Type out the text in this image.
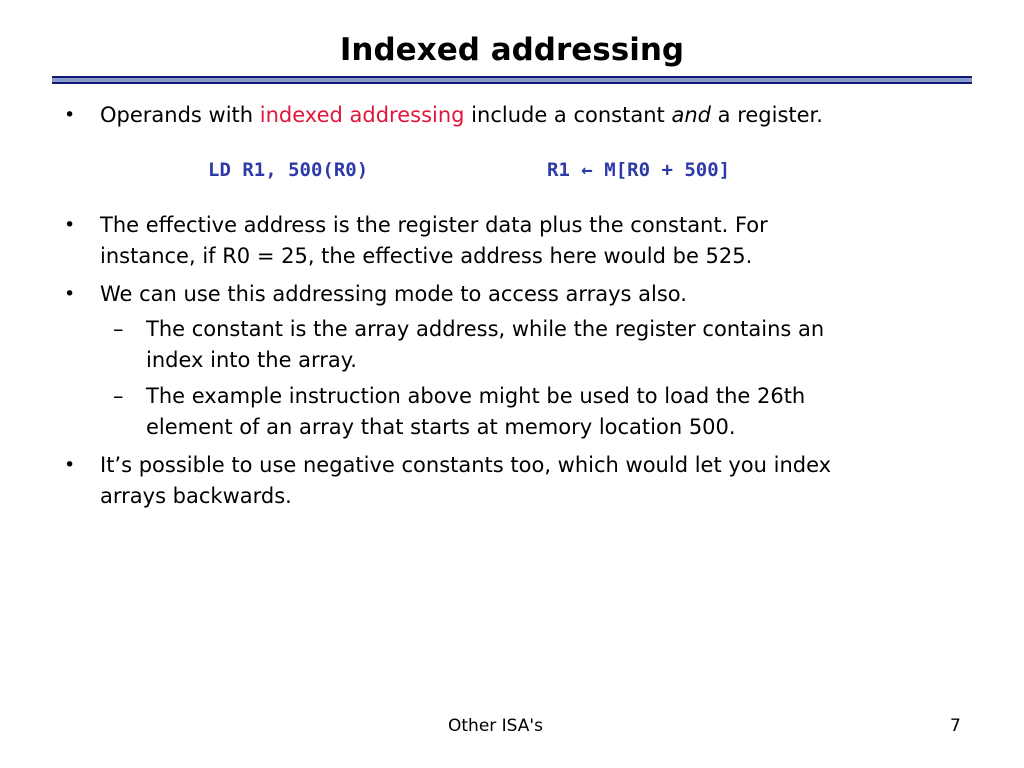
Indexed addressing
• Operands with indexed addressing include a constant and a register.
LD R1, 500(R0)	R1 ← M[R0 + 500]
• The effective address is the register data plus the constant. For
instance, if R0 = 25, the effective address here would be 525.
• We can use this addressing mode to access arrays also.
– The constant is the array address, while the register contains an
index into the array.
– The example instruction above might be used to load the 26th
element of an array that starts at memory location 500.
• It’s possible to use negative constants too, which would let you index
arrays backwards.
Other ISA's	7
